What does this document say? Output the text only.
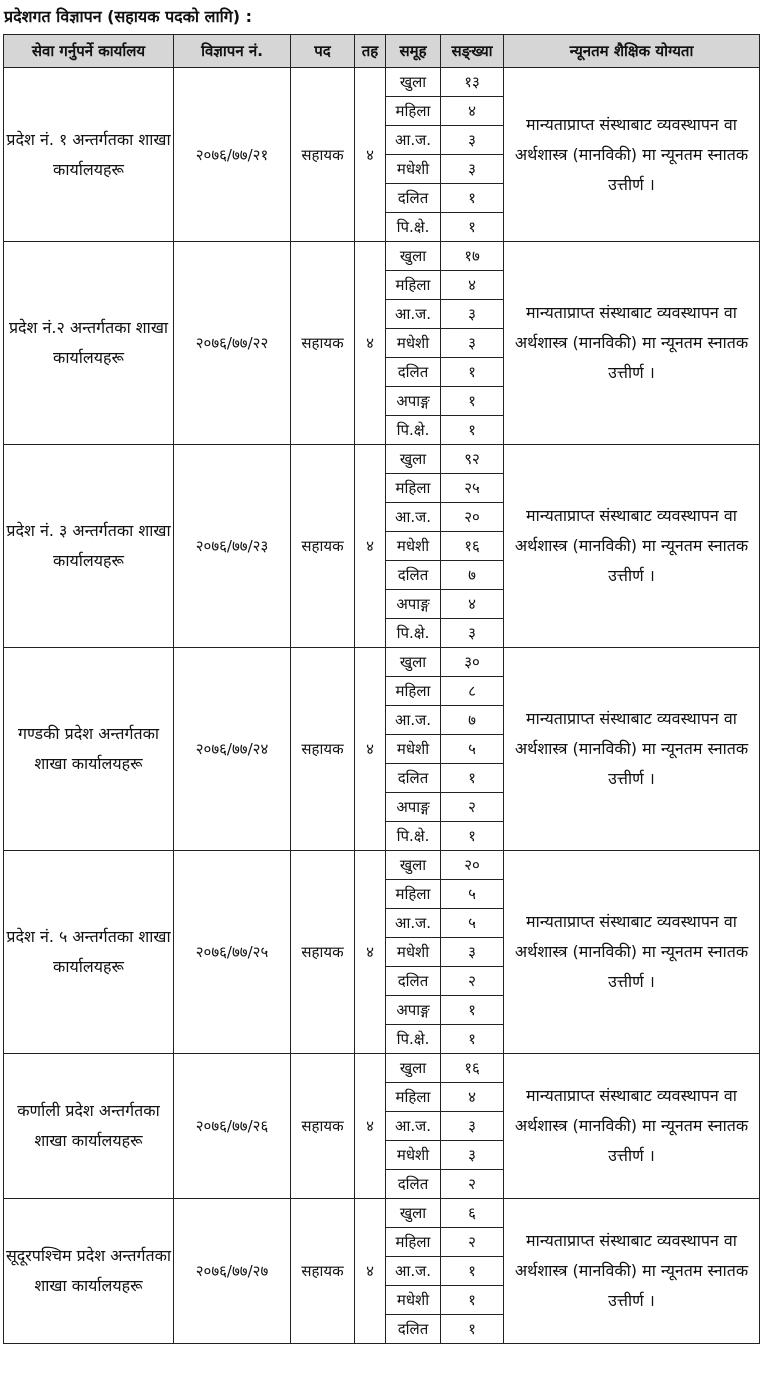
प्रदेशगत विज्ञापन (सहायक पदको लागि) :
सेवा गर्नुपर्ने कार्यालय	विज्ञापन नं.	पद	तह	समूह	सङ्ख्या	न्यूनतम शैक्षिक योग्यता
प्रदेश नं. १ अन्तर्गतका शाखा कार्यालयहरू	२०७६/७७/२१	सहायक	४	खुला	१३	मान्यताप्राप्त संस्थाबाट व्यवस्थापन वा अर्थशास्त्र (मानविकी) मा न्यूनतम स्नातक उत्तीर्ण ।
				महिला	४	
				आ.ज.	३	
				मधेशी	३	
				दलित	१	
				पि.क्षे.	१	
प्रदेश नं.२ अन्तर्गतका शाखा कार्यालयहरू	२०७६/७७/२२	सहायक	४	खुला	१७	मान्यताप्राप्त संस्थाबाट व्यवस्थापन वा अर्थशास्त्र (मानविकी) मा न्यूनतम स्नातक उत्तीर्ण ।
				महिला	४	
				आ.ज.	३	
				मधेशी	३	
				दलित	१	
				अपाङ्ग	१	
				पि.क्षे.	१	
प्रदेश नं. ३ अन्तर्गतका शाखा कार्यालयहरू	२०७६/७७/२३	सहायक	४	खुला	९२	मान्यताप्राप्त संस्थाबाट व्यवस्थापन वा अर्थशास्त्र (मानविकी) मा न्यूनतम स्नातक उत्तीर्ण ।
				महिला	२५	
				आ.ज.	२०	
				मधेशी	१६	
				दलित	७	
				अपाङ्ग	४	
				पि.क्षे.	३	
गण्डकी प्रदेश अन्तर्गतका शाखा कार्यालयहरू	२०७६/७७/२४	सहायक	४	खुला	३०	मान्यताप्राप्त संस्थाबाट व्यवस्थापन वा अर्थशास्त्र (मानविकी) मा न्यूनतम स्नातक उत्तीर्ण ।
				महिला	८	
				आ.ज.	७	
				मधेशी	५	
				दलित	१	
				अपाङ्ग	२	
				पि.क्षे.	१	
प्रदेश नं. ५ अन्तर्गतका शाखा कार्यालयहरू	२०७६/७७/२५	सहायक	४	खुला	२०	मान्यताप्राप्त संस्थाबाट व्यवस्थापन वा अर्थशास्त्र (मानविकी) मा न्यूनतम स्नातक उत्तीर्ण ।
				महिला	५	
				आ.ज.	५	
				मधेशी	३	
				दलित	२	
				अपाङ्ग	१	
				पि.क्षे.	१	
कर्णाली प्रदेश अन्तर्गतका शाखा कार्यालयहरू	२०७६/७७/२६	सहायक	४	खुला	१६	मान्यताप्राप्त संस्थाबाट व्यवस्थापन वा अर्थशास्त्र (मानविकी) मा न्यूनतम स्नातक उत्तीर्ण ।
				महिला	४	
				आ.ज.	३	
				मधेशी	३	
				दलित	२	
सूदूरपश्चिम प्रदेश अन्तर्गतका शाखा कार्यालयहरू	२०७६/७७/२७	सहायक	४	खुला	६	मान्यताप्राप्त संस्थाबाट व्यवस्थापन वा अर्थशास्त्र (मानविकी) मा न्यूनतम स्नातक उत्तीर्ण ।
				महिला	२	
				आ.ज.	१	
				मधेशी	१	
				दलित	१	
